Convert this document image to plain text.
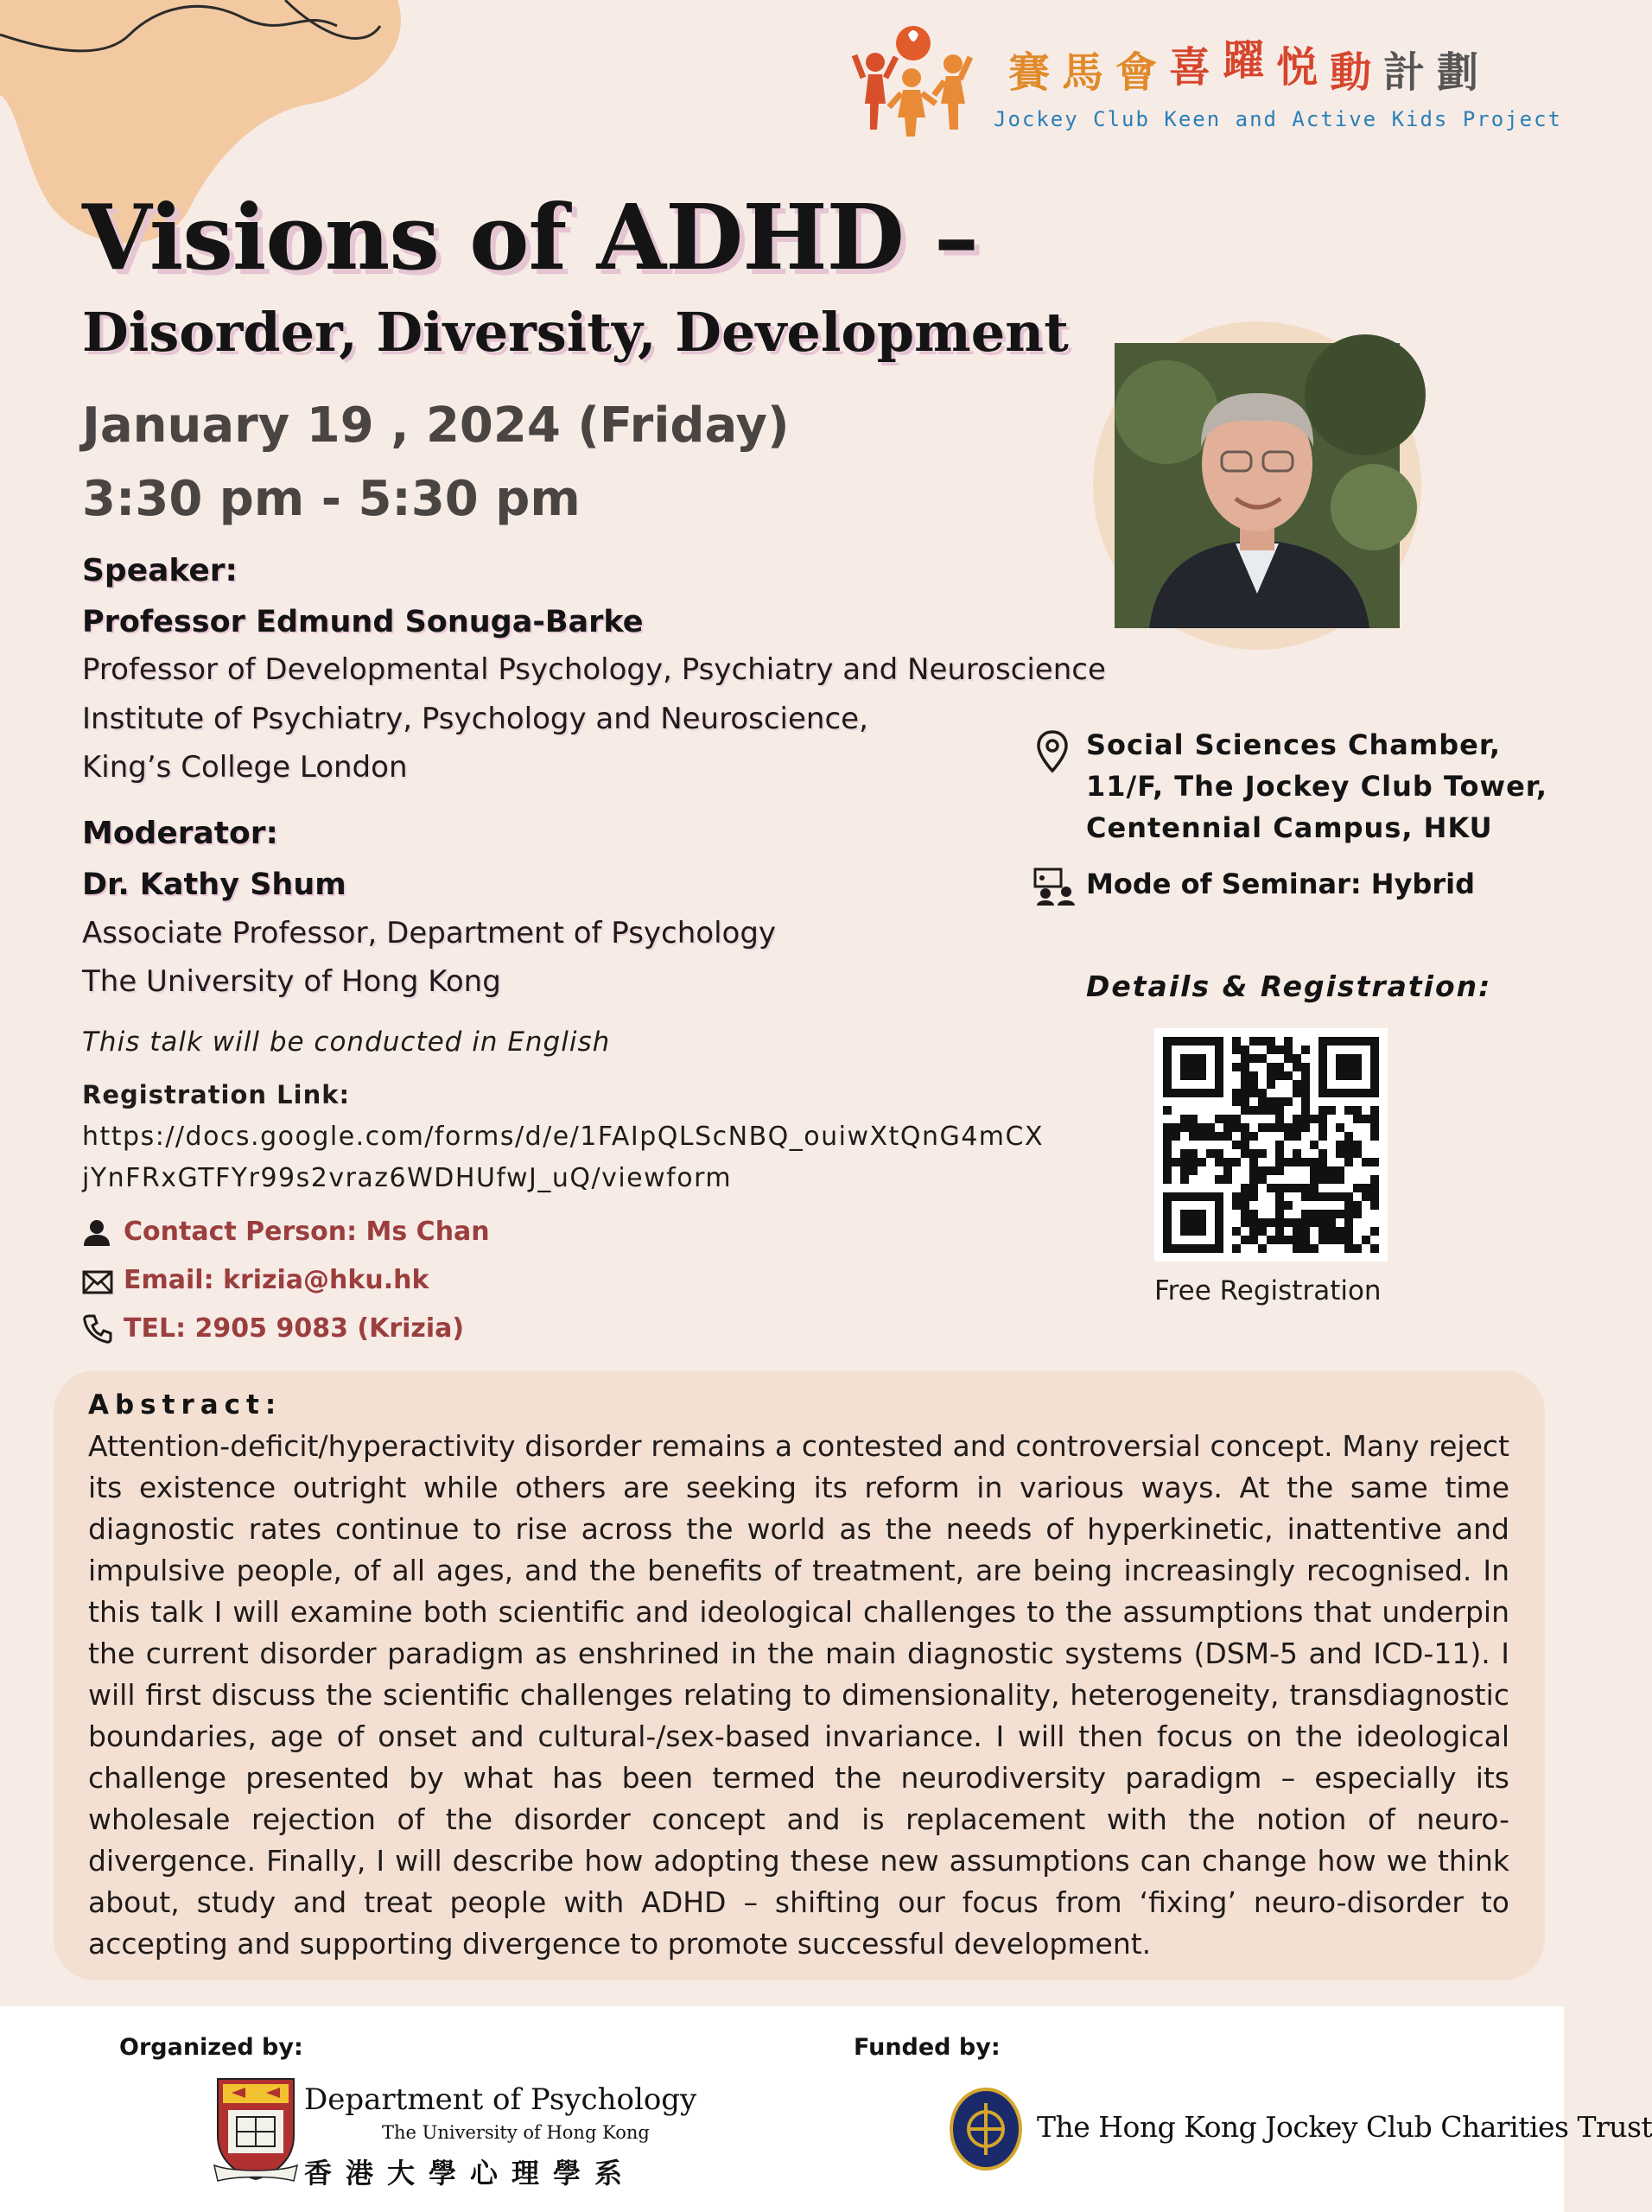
賽馬會喜躍悦動計劃
Jockey Club Keen and Active Kids Project
Visions of ADHD –
Disorder, Diversity, Development
January 19 , 2024 (Friday)
3:30 pm - 5:30 pm
Speaker:
Professor Edmund Sonuga-Barke
Professor of Developmental Psychology, Psychiatry and Neuroscience
Institute of Psychiatry, Psychology and Neuroscience,
King’s College London
Moderator:
Dr. Kathy Shum
Associate Professor, Department of Psychology
The University of Hong Kong
This talk will be conducted in English
Registration Link:
https://docs.google.com/forms/d/e/1FAIpQLScNBQ_ouiwXtQnG4mCX
jYnFRxGTFYr99s2vraz6WDHUfwJ_uQ/viewform
Contact Person: Ms Chan
Email: krizia@hku.hk
TEL: 2905 9083 (Krizia)
Social Sciences Chamber,
11/F, The Jockey Club Tower,
Centennial Campus, HKU
Mode of Seminar: Hybrid
Details & Registration:
Free Registration
Abstract:
Attention-deficit/hyperactivity disorder remains a contested and controversial concept. Many reject its existence outright while others are seeking its reform in various ways. At the same time diagnostic rates continue to rise across the world as the needs of hyperkinetic, inattentive and impulsive people, of all ages, and the benefits of treatment, are being increasingly recognised. In this talk I will examine both scientific and ideological challenges to the assumptions that underpin the current disorder paradigm as enshrined in the main diagnostic systems (DSM-5 and ICD-11). I will first discuss the scientific challenges relating to dimensionality, heterogeneity, transdiagnostic boundaries, age of onset and cultural-/sex-based invariance. I will then focus on the ideological challenge presented by what has been termed the neurodiversity paradigm – especially its wholesale rejection of the disorder concept and is replacement with the notion of neuro-divergence. Finally, I will describe how adopting these new assumptions can change how we think about, study and treat people with ADHD – shifting our focus from ‘fixing’ neuro-disorder to accepting and supporting divergence to promote successful development.
Organized by:	Funded by:
Department of Psychology
The University of Hong Kong
香港大學心理學系
The Hong Kong Jockey Club Charities Trust
